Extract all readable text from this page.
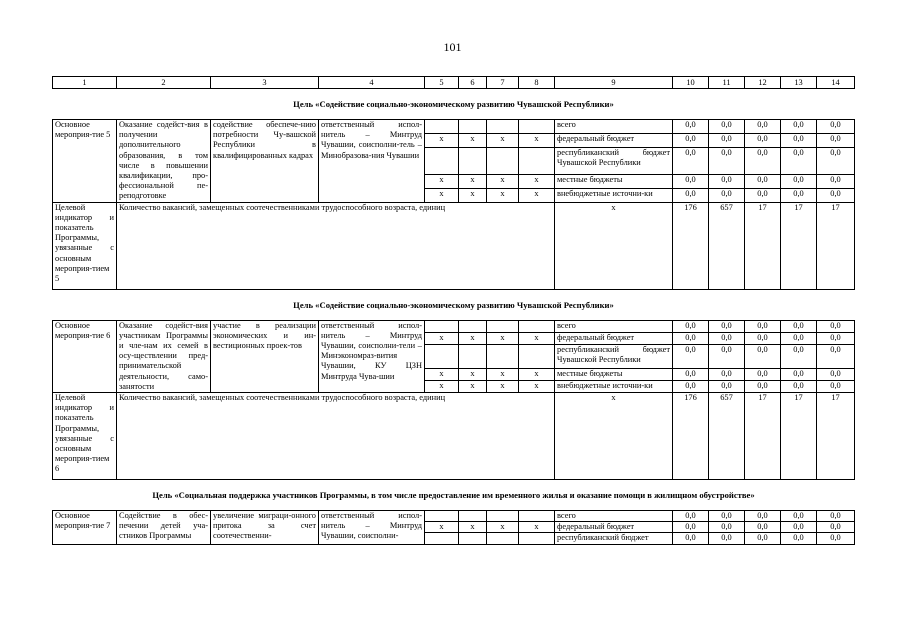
101
1	2	3	4	5	6	7	8	9	10	11	12	13	14
Цель «Содействие социально-экономическому развитию Чувашской Республики»													
Основное мероприя-тие 5	Оказание содейст-вия в получении дополнительного образования, в том числе в повышении квалификации, про-фессиональной пе-реподготовке	содействие обеспече-нию потребности Чу-вашской Республики в квалифицированных кадрах	ответственный испол-нитель – Минтруд Чувашии, соисполни-тель – Минобразова-ния Чувашии					всего	0,0	0,0	0,0	0,0	0,0
				x	x	x	x	федеральный бюджет	0,0	0,0	0,0	0,0	0,0
								республиканский бюджет Чувашской Республики	0,0	0,0	0,0	0,0	0,0
				x	x	x	x	местные бюджеты	0,0	0,0	0,0	0,0	0,0
				x	x	x	x	внебюджетные источни-ки	0,0	0,0	0,0	0,0	0,0
Целевой индикатор и показатель Программы, увязанные с основным мероприя-тием 5	Количество вакансий, замещенных соотечественниками трудоспособного возраста, единиц							x	176	657	17	17	17
Цель «Содействие социально-экономическому развитию Чувашской Республики»													
Основное мероприя-тие 6	Оказание содейст-вия участникам Программы и чле-нам их семей в осу-ществлении пред-принимательской деятельности, само-занятости	участие в реализации экономических и ин-вестиционных проек-тов	ответственный испол-нитель – Минтруд Чувашии, соисполни-тели – Минэкономраз-вития Чувашии, КУ ЦЗН Минтруда Чува-шии					всего	0,0	0,0	0,0	0,0	0,0
				x	x	x	x	федеральный бюджет	0,0	0,0	0,0	0,0	0,0
								республиканский бюджет Чувашской Республики	0,0	0,0	0,0	0,0	0,0
				x	x	x	x	местные бюджеты	0,0	0,0	0,0	0,0	0,0
				x	x	x	x	внебюджетные источни-ки	0,0	0,0	0,0	0,0	0,0
Целевой индикатор и показатель Программы, увязанные с основным мероприя-тием 6	Количество вакансий, замещенных соотечественниками трудоспособного возраста, единиц							x	176	657	17	17	17
Цель «Социальная поддержка участников Программы, в том числе предоставление им временного жилья и оказание помощи в жилищном обустройстве»													
Основное мероприя-тие 7	Содействие в обес-печении детей уча-стников Программы	увеличение миграци-онного притока за счет соотечественни-	ответственный испол-нитель – Минтруд Чувашии, соисполни-					всего	0,0	0,0	0,0	0,0	0,0
				x	x	x	x	федеральный бюджет	0,0	0,0	0,0	0,0	0,0
								республиканский бюджет	0,0	0,0	0,0	0,0	0,0
